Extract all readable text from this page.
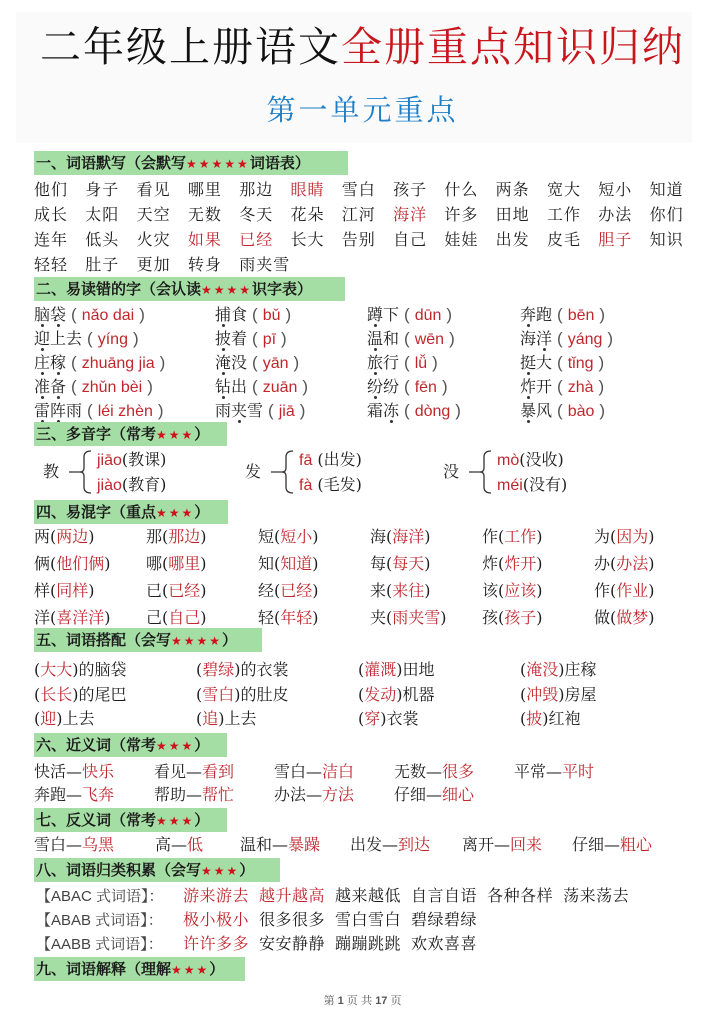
二年级上册语文全册重点知识归纳
第一单元重点
一、词语默写（会默写★★★★★词语表）
他们	身子	看见	哪里	那边	眼睛	雪白	孩子	什么	两条	宽大	短小	知道
成长	太阳	天空	无数	冬天	花朵	江河	海洋	许多	田地	工作	办法	你们
连年	低头	火灾	如果	已经	长大	告别	自己	娃娃	出发	皮毛	胆子	知识
轻轻	肚子	更加	转身	雨夹雪
二、易读错的字（会认读★★★★识字表）
脑袋 ( nǎo dai )	捕食 ( bǔ )	蹲下 ( dūn )	奔跑 ( bēn )
迎上去 ( yíng )	披着 ( pī )	温和 ( wēn )	海洋 ( yáng )
庄稼 ( zhuāng jia )	淹没 ( yān )	旅行 ( lǚ )	挺大 ( tǐng )
准备 ( zhǔn bèi )	钻出 ( zuān )	纷纷 ( fēn )	炸开 ( zhà )
雷阵雨 ( léi zhèn )	雨夹雪 ( jiā )	霜冻 ( dòng )	暴风 ( bào )
三、多音字（常考★★★）
教
jiāo(教课)
jiào(教育)
发
fā (出发)
fà (毛发)
没
mò(没收)
méi(没有)
四、易混字（重点★★★）
两(两边)	那(那边)	短(短小)	海(海洋)	作(工作)	为(因为)
俩(他们俩)	哪(哪里)	知(知道)	每(每天)	炸(炸开)	办(办法)
样(同样)	已(已经)	经(已经)	来(来往)	该(应该)	作(作业)
洋(喜洋洋)	己(自己)	轻(年轻)	夹(雨夹雪)	孩(孩子)	做(做梦)
五、词语搭配（会写★★★★）
(大大)的脑袋	(碧绿)的衣裳	(灌溉)田地	(淹没)庄稼
(长长)的尾巴	(雪白)的肚皮	(发动)机器	(冲毁)房屋
(迎)上去	(追)上去	(穿)衣裳	(披)红袍
六、近义词（常考★★★）
快活—快乐	看见—看到	雪白—洁白	无数—很多	平常—平时
奔跑—飞奔	帮助—帮忙	办法—方法	仔细—细心
七、反义词（常考★★★）
雪白—乌黑	高—低 温和—暴躁 出发—到达 离开—回来 仔细—粗心
八、词语归类积累（会写★★★）
【ABAC 式词语】： 游来游去 越升越高 越来越低 自言自语 各种各样 荡来荡去
【ABAB 式词语】： 极小极小 很多很多 雪白雪白 碧绿碧绿
【AABB 式词语】： 许许多多 安安静静 蹦蹦跳跳 欢欢喜喜
九、词语解释（理解★★★）
第 1 页 共 17 页
